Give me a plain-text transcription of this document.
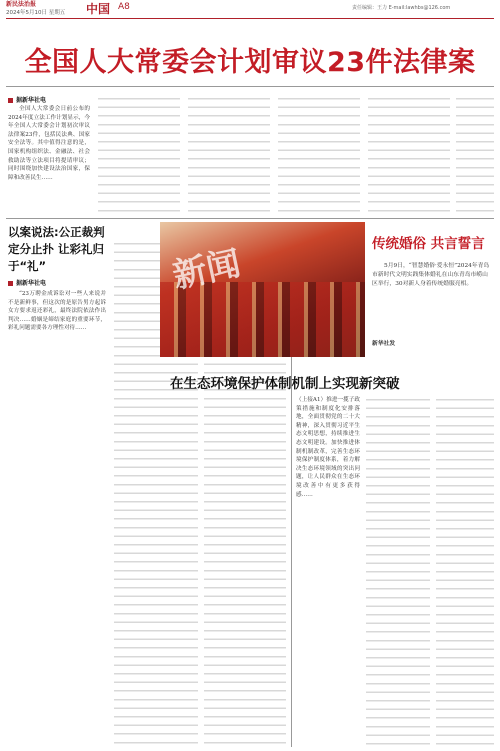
新民法治报
2024年5月10日 星期五 中国 A8	责任编辑：王力 E-mail:lawhbs@126.com
全国人大常委会计划审议23件法律案
据新华社电
全国人大常委会日前公布的2024年度立法工作计划显示，今年全国人大常委会计划初次审议法律案23件，包括民法典、国家安全法等。其中值得注意的是，国家机构组织法、金融法、社会救助法等立法项目将提请审议；同时围绕加快建设法治国家，保障和改善民生……
以案说法:公正裁判定分止扑 让彩礼归于“礼”
据新华社电
“23万聘金成诉讼对一些人来说并不是新鲜事，但这次的是原告男方起诉女方要求返还彩礼，最终法院依法作出判决……婚姻是缔结家庭的重要环节，彩礼问题需要各方理性对待……
新闻	传统婚俗 共言誓言
5月9日，“智慧婚俗·爱永恒”2024年青岛市新时代文明实践集体婚礼在山东青岛市崂山区举行，30对新人身着传统婚服亮相。
新华社发
在生态环境保护体制机制上实现新突破
（上接A1）推进一揽子政策措施和制度化安排落地，全面贯彻党的二十大精神，深入贯彻习近平生态文明思想，持续推进生态文明建设。加快推进体制机制改革，完善生态环境保护制度体系，着力解决生态环境领域的突出问题，让人民群众在生态环境改善中有更多获得感……
